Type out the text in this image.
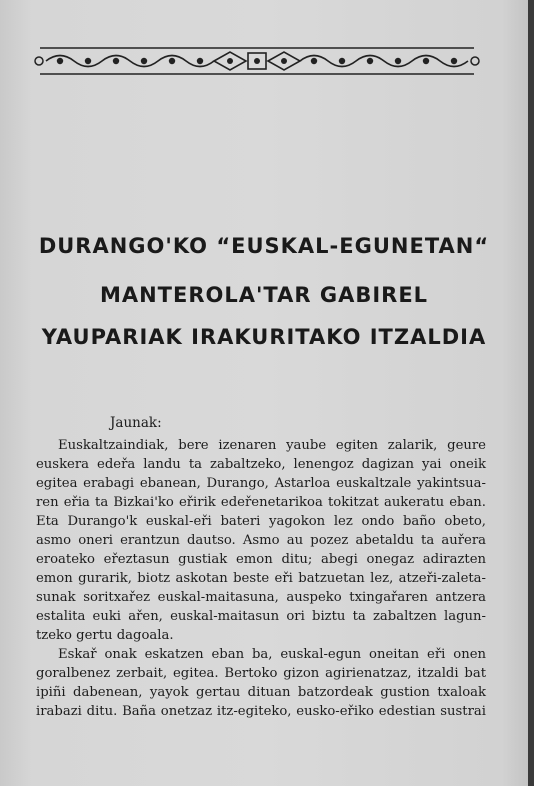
DURANGO'KO “EUSKAL-EGUNETAN“
MANTEROLA'TAR GABIREL
YAUPARIAK IRAKURITAKO ITZALDIA
Jaunak:
Euskaltzaindiak, bere izenaren yaube egiten zalarik, geure
euskera edeřa landu ta zabaltzeko, lenengoz dagizan yai oneik
egitea erabagi ebanean, Durango, Astarloa euskaltzale yakintsua-
ren eřia ta Bizkai'ko eřirik edeřenetarikoa tokitzat aukeratu eban.
Eta Durango'k euskal-eři bateri yagokon lez ondo baño obeto,
asmo oneri erantzun dautso. Asmo au pozez abetaldu ta auřera
eroateko eřeztasun gustiak emon ditu; abegi onegaz adirazten
emon gurarik, biotz askotan beste eři batzuetan lez, atzeři-zaleta-
sunak soritхařez euskal-maitasuna, auspeko txingařaren antzera
estalita euki ařen, euskal-maitasun ori biztu ta zabaltzen lagun-
tzeko gertu dagoala.
Eskař onak eskatzen eban ba, euskal-egun oneitan eři onen
goralbenez zerbait, egitea. Bertoko gizon agirienatzaz, itzaldi bat
ipiñi dabenean, yayok gertau dituan batzordeak gustion txaloak
irabazi ditu. Baña onetzaz itz-egiteko, eusko-eřiko edestian sustrai
